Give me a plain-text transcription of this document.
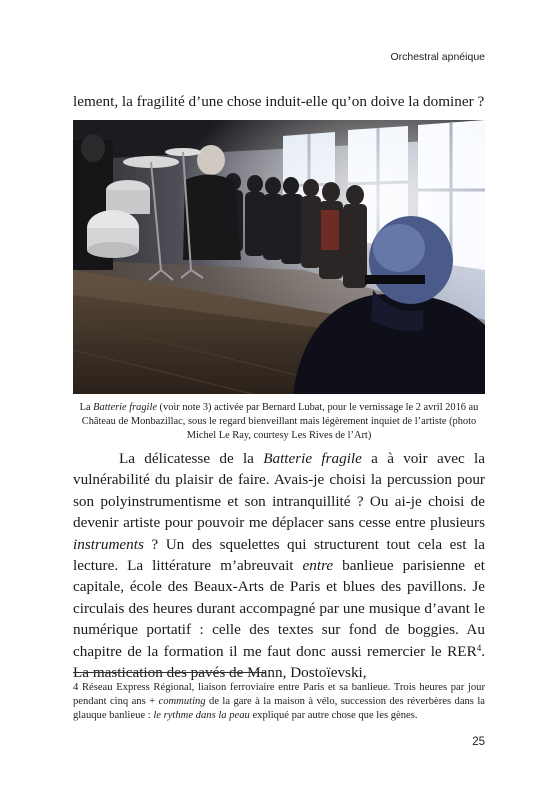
Orchestral apnéique
lement, la fragilité d’une chose induit-elle qu’on doive la dominer ?
La Batterie fragile (voir note 3) activée par Bernard Lubat, pour le vernissage le 2 avril 2016 au Château de Monbazillac, sous le regard bienveillant mais légèrement inquiet de l’artiste (photo Michel Le Ray, courtesy Les Rives de l’Art)

La délicatesse de la Batterie fragile a à voir avec la vulnérabilité du plaisir de faire. Avais-je choisi la percussion pour son polyinstrumentisme et son intranquillité ? Ou ai-je choisi de devenir artiste pour pouvoir me déplacer sans cesse entre plusieurs instruments ? Un des squelettes qui structurent tout cela est la lecture. La littérature m’abreuvait entre banlieue parisienne et capitale, école des Beaux-Arts de Paris et blues des pavillons. Je circulais des heures durant accompagné par une musique d’avant le numérique portatif : celle des textes sur fond de boggies. Au chapitre de la formation il me faut donc aussi remercier le RER$^4$. La mastication des pavés de Mann, Dostoïevski,

4 Réseau Express Régional, liaison ferroviaire entre Paris et sa banlieue. Trois heures par jour pendant cinq ans + commuting de la gare à la maison à vélo, succession des réverbères dans la glauque banlieue : le rythme dans la peau expliqué par autre chose que les gènes.
25
